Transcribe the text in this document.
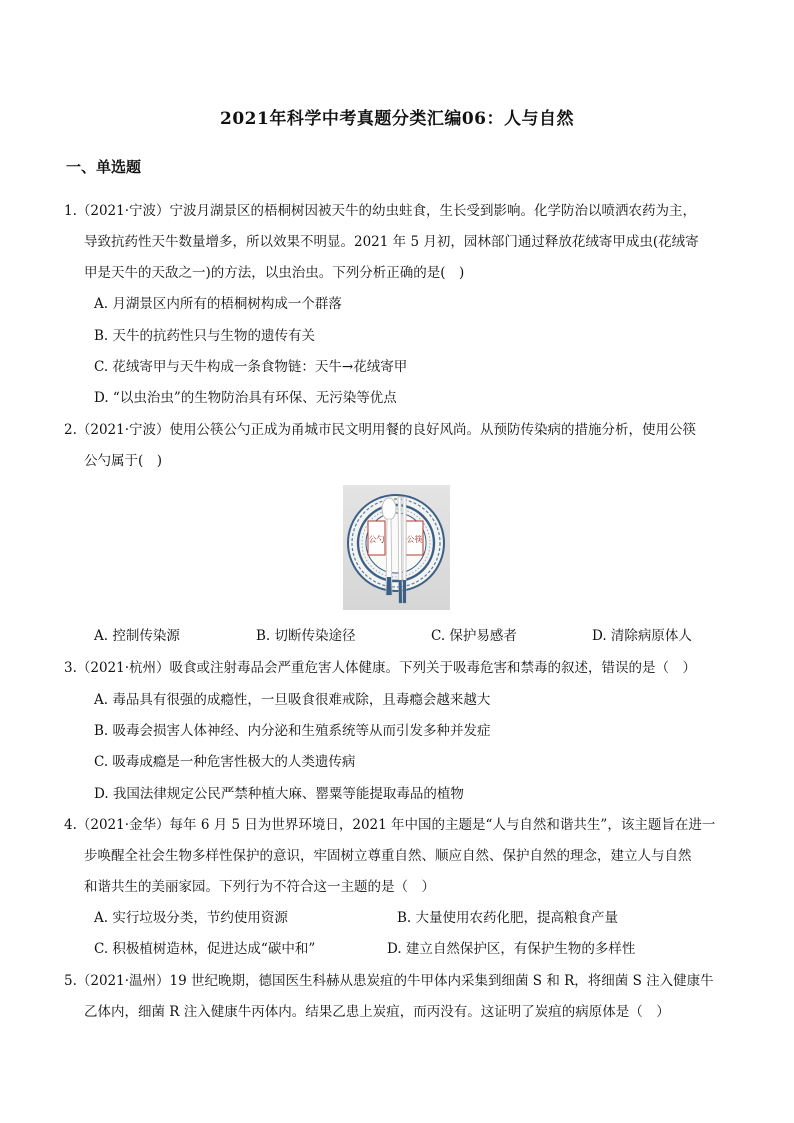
2021年科学中考真题分类汇编06：人与自然
一、单选题
1.（2021·宁波）宁波月湖景区的梧桐树因被天牛的幼虫蛀食，生长受到影响。化学防治以喷洒农药为主，
导致抗药性天牛数量增多，所以效果不明显。2021 年 5 月初，园林部门通过释放花绒寄甲成虫(花绒寄
甲是天牛的天敌之一)的方法，以虫治虫。下列分析正确的是(　)
A. 月湖景区内所有的梧桐树构成一个群落
B. 天牛的抗药性只与生物的遗传有关
C. 花绒寄甲与天牛构成一条食物链：天牛→花绒寄甲
D. “以虫治虫”的生物防治具有环保、无污染等优点
2.（2021·宁波）使用公筷公勺正成为甬城市民文明用餐的良好风尚。从预防传染病的措施分析，使用公筷
公勺属于(　)
公勺	公筷
A. 控制传染源	B. 切断传染途径	C. 保护易感者	D. 清除病原体人
3.（2021·杭州）吸食或注射毒品会严重危害人体健康。下列关于吸毒危害和禁毒的叙述，错误的是（　）
A. 毒品具有很强的成瘾性，一旦吸食很难戒除，且毒瘾会越来越大
B. 吸毒会损害人体神经、内分泌和生殖系统等从而引发多种并发症
C. 吸毒成瘾是一种危害性极大的人类遗传病
D. 我国法律规定公民严禁种植大麻、罂粟等能提取毒品的植物
4.（2021·金华）每年 6 月 5 日为世界环境日，2021 年中国的主题是“人与自然和谐共生”，该主题旨在进一
步唤醒全社会生物多样性保护的意识，牢固树立尊重自然、顺应自然、保护自然的理念，建立人与自然
和谐共生的美丽家园。下列行为不符合这一主题的是（　）
A. 实行垃圾分类，节约使用资源	B. 大量使用农药化肥，提高粮食产量
C. 积极植树造林，促进达成“碳中和”	D. 建立自然保护区，有保护生物的多样性
5.（2021·温州）19 世纪晚期，德国医生科赫从患炭疽的牛甲体内采集到细菌 S 和 R，将细菌 S 注入健康牛
乙体内，细菌 R 注入健康牛丙体内。结果乙患上炭疽，而丙没有。这证明了炭疽的病原体是（　）
